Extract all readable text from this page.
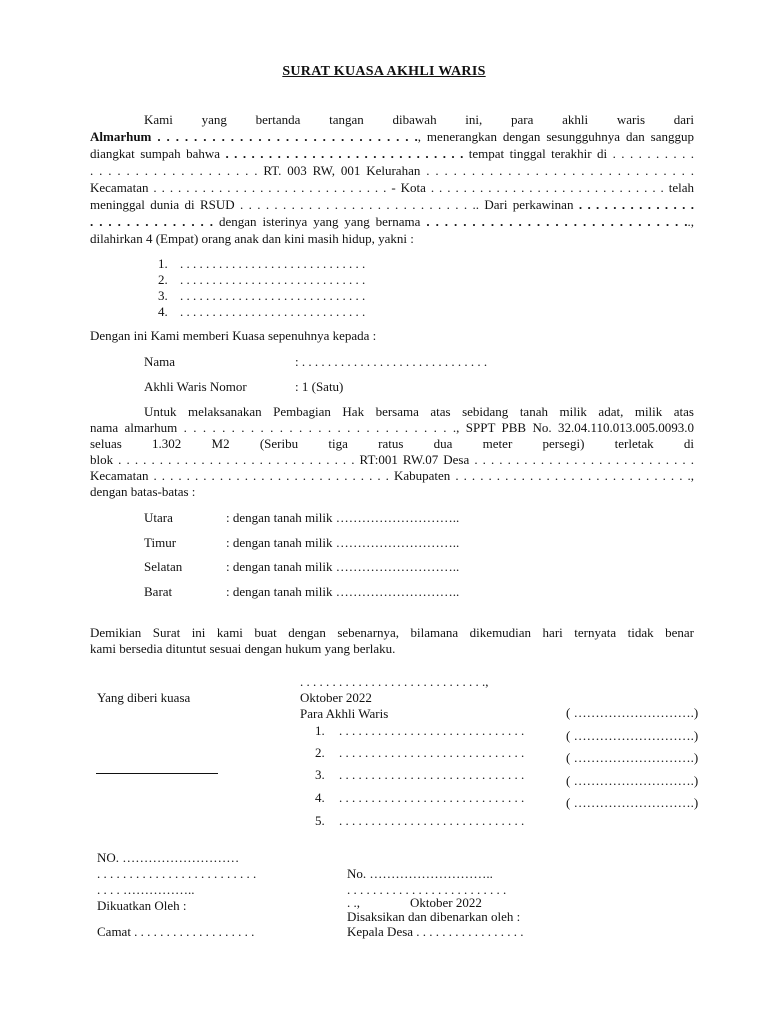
SURAT KUASA AKHLI WARIS
Kami yang bertanda tangan dibawah ini, para akhli waris dari
Almarhum . . . . . . . . . . . . . . . . . . . . . . . . . . . . ., menerangkan dengan sesungguhnya dan sanggup
diangkat sumpah bahwa . . . . . . . . . . . . . . . . . . . . . . . . . . . . tempat tinggal terakhir di . . . . . . . . . .
. . . . . . . . . . . . . . . . . . . RT. 003 RW, 001 Kelurahan . . . . . . . . . . . . . . . . . . . . . . . . . . . . . .
Kecamatan . . . . . . . . . . . . . . . . . . . . . . . . . . . . . - Kota . . . . . . . . . . . . . . . . . . . . . . . . . . . . . telah
meninggal dunia di RSUD . . . . . . . . . . . . . . . . . . . . . . . . . . . .. Dari perkawinan . . . . . . . . . . . . . .
. . . . . . . . . . . . . . dengan isterinya yang yang bernama . . . . . . . . . . . . . . . . . . . . . . . . . . . . ..,
dilahirkan 4 (Empat) orang anak dan kini masih hidup, yakni :
1. . . . . . . . . . . . . . . . . . . . . . . . . . . . . .
2. . . . . . . . . . . . . . . . . . . . . . . . . . . . . .
3. . . . . . . . . . . . . . . . . . . . . . . . . . . . . .
4. . . . . . . . . . . . . . . . . . . . . . . . . . . . . .
Dengan ini Kami memberi Kuasa sepenuhnya kepada :
Nama	: . . . . . . . . . . . . . . . . . . . . . . . . . . . . .
Akhli Waris Nomor	: 1 (Satu)
Untuk melaksanakan Pembagian Hak bersama atas sebidang tanah milik adat, milik atas
nama almarhum . . . . . . . . . . . . . . . . . . . . . . . . . . . . ., SPPT PBB No. 32.04.110.013.005.0093.0
seluas 1.302 M2 (Seribu tiga ratus dua meter persegi) terletak di
blok . . . . . . . . . . . . . . . . . . . . . . . . . . . . . RT:001 RW.07 Desa . . . . . . . . . . . . . . . . . . . . . . . . . . .
Kecamatan . . . . . . . . . . . . . . . . . . . . . . . . . . . . . Kabupaten . . . . . . . . . . . . . . . . . . . . . . . . . . . . .,
dengan batas-batas :
Utara	: dengan tanah milik ………………………..
Timur	: dengan tanah milik ………………………..
Selatan	: dengan tanah milik ………………………..
Barat	: dengan tanah milik ………………………..
Demikian Surat ini kami buat dengan sebenarnya, bilamana dikemudian hari ternyata tidak benar
kami bersedia dituntut sesuai dengan hukum yang berlaku.
. . . . . . . . . . . . . . . . . . . . . . . . . . . . .,
Oktober 2022
Para Akhli Waris
Yang diberi kuasa
1. . . . . . . . . . . . . . . . . . . . . . . . . . . . . .
2. . . . . . . . . . . . . . . . . . . . . . . . . . . . . .
3. . . . . . . . . . . . . . . . . . . . . . . . . . . . . .
4. . . . . . . . . . . . . . . . . . . . . . . . . . . . . .
5. . . . . . . . . . . . . . . . . . . . . . . . . . . . . .
( ……………………….)
( ……………………….)
( ……………………….)
( ……………………….)
( ……………………….)
NO. ………………………
. . . . . . . . . . . . . . . . . . . . . . . . .
. . . . ……………..
Dikuatkan Oleh :
Camat . . . . . . . . . . . . . . . . . . .
No. ………………………..
. . . . . . . . . . . . . . . . . . . . . . . . .
. .,	Oktober 2022
Disaksikan dan dibenarkan oleh :
Kepala Desa . . . . . . . . . . . . . . . . .
